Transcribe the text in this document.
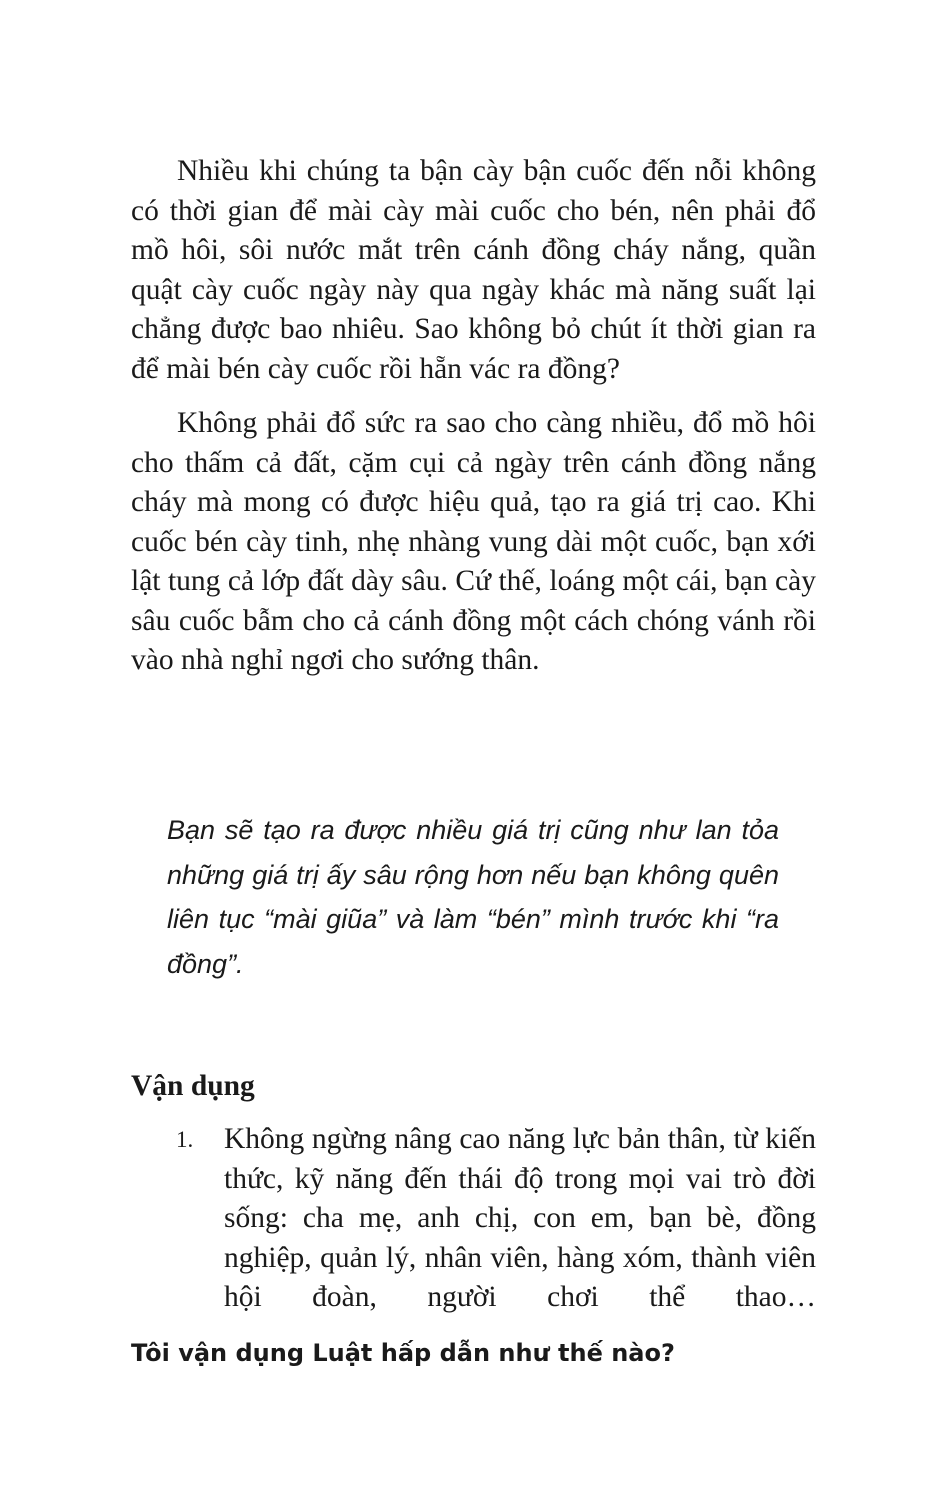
Nhiều khi chúng ta bận cày bận cuốc đến nỗi không có thời gian để mài cày mài cuốc cho bén, nên phải đổ mồ hôi, sôi nước mắt trên cánh đồng cháy nắng, quần quật cày cuốc ngày này qua ngày khác mà năng suất lại chẳng được bao nhiêu. Sao không bỏ chút ít thời gian ra để mài bén cày cuốc rồi hẵn vác ra đồng?

Không phải đổ sức ra sao cho càng nhiều, đổ mồ hôi cho thấm cả đất, cặm cụi cả ngày trên cánh đồng nắng cháy mà mong có được hiệu quả, tạo ra giá trị cao. Khi cuốc bén cày tinh, nhẹ nhàng vung dài một cuốc, bạn xới lật tung cả lớp đất dày sâu. Cứ thế, loáng một cái, bạn cày sâu cuốc bẫm cho cả cánh đồng một cách chóng vánh rồi vào nhà nghỉ ngơi cho sướng thân.

Bạn sẽ tạo ra được nhiều giá trị cũng như lan tỏa những giá trị ấy sâu rộng hơn nếu bạn không quên liên tục “mài giũa” và làm “bén” mình trước khi “ra đồng”.

Vận dụng
1. Không ngừng nâng cao năng lực bản thân, từ kiến thức, kỹ năng đến thái độ trong mọi vai trò đời sống: cha mẹ, anh chị, con em, bạn bè, đồng nghiệp, quản lý, nhân viên, hàng xóm, thành viên hội đoàn, người chơi thể thao…
Tôi vận dụng Luật hấp dẫn như thế nào?
